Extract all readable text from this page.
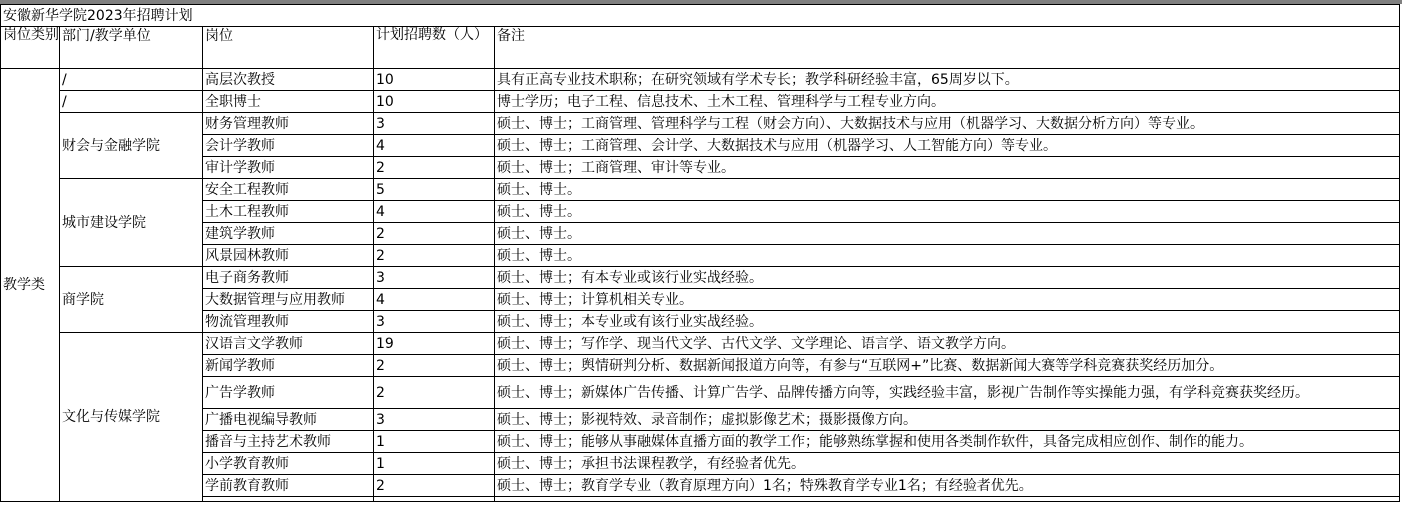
安徽新华学院2023年招聘计划					
岗位类别	部门/教学单位	岗位	计划招聘数（人）	备注	
教学类	/	高层次教授	10	具有正高专业技术职称；在研究领域有学术专长；教学科研经验丰富，65周岁以下。	
	/	全职博士	10	博士学历；电子工程、信息技术、土木工程、管理科学与工程专业方向。	
	财会与金融学院	财务管理教师	3	硕士、博士；工商管理、管理科学与工程（财会方向）、大数据技术与应用（机器学习、大数据分析方向）等专业。	
		会计学教师	4	硕士、博士；工商管理、会计学、大数据技术与应用（机器学习、人工智能方向）等专业。	
		审计学教师	2	硕士、博士；工商管理、审计等专业。	
	城市建设学院	安全工程教师	5	硕士、博士。	
		土木工程教师	4	硕士、博士。	
		建筑学教师	2	硕士、博士。	
		风景园林教师	2	硕士、博士。	
	商学院	电子商务教师	3	硕士、博士；有本专业或该行业实战经验。	
		大数据管理与应用教师	4	硕士、博士；计算机相关专业。	
		物流管理教师	3	硕士、博士；本专业或有该行业实战经验。	
	文化与传媒学院	汉语言文学教师	19	硕士、博士；写作学、现当代文学、古代文学、文学理论、语言学、语文教学方向。	
		新闻学教师	2	硕士、博士；舆情研判分析、数据新闻报道方向等，有参与“互联网+”比赛、数据新闻大赛等学科竞赛获奖经历加分。	
		广告学教师	2	硕士、博士；新媒体广告传播、计算广告学、品牌传播方向等，实践经验丰富，影视广告制作等实操能力强，有学科竞赛获奖经历。	
		广播电视编导教师	3	硕士、博士；影视特效、录音制作；虚拟影像艺术；摄影摄像方向。	
		播音与主持艺术教师	1	硕士、博士；能够从事融媒体直播方面的教学工作；能够熟练掌握和使用各类制作软件，具备完成相应创作、制作的能力。	
		小学教育教师	1	硕士、博士；承担书法课程教学，有经验者优先。	
		学前教育教师	2	硕士、博士；教育学专业（教育原理方向）1名；特殊教育学专业1名；有经验者优先。	
